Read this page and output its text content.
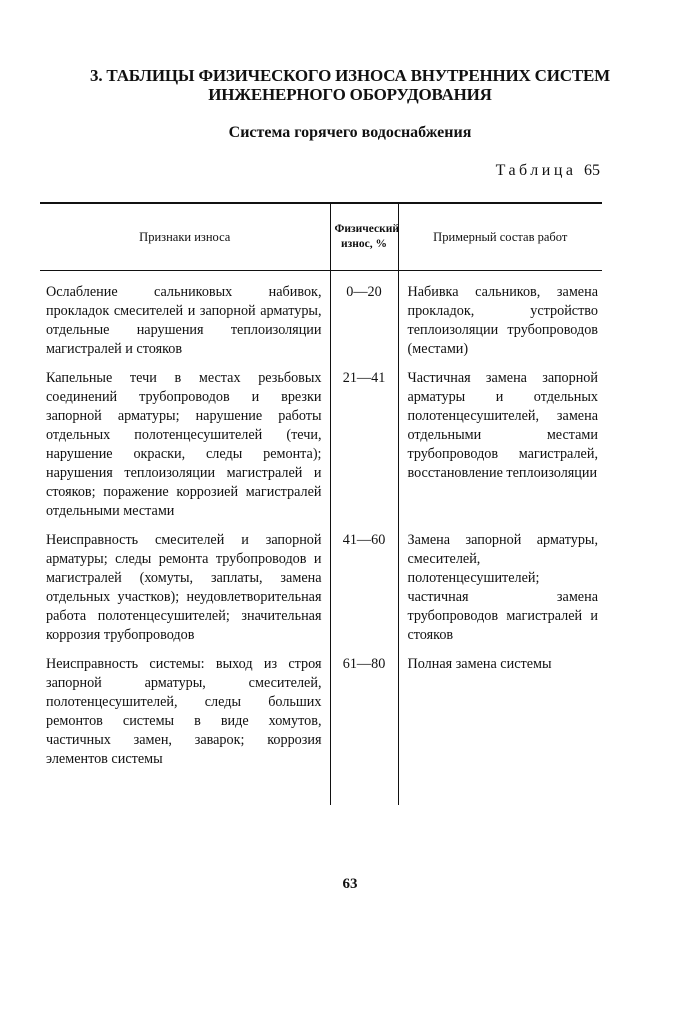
3. ТАБЛИЦЫ ФИЗИЧЕСКОГО ИЗНОСА ВНУТРЕННИХ СИСТЕМ ИНЖЕНЕРНОГО ОБОРУДОВАНИЯ
Система горячего водоснабжения
Таблица 65
Признаки износа	Физический износ, %	Примерный состав работ
Ослабление сальниковых набивок, прокладок смесителей и запорной арматуры, отдельные нарушения теплоизоляции магистралей и стояков	0—20	Набивка сальников, замена прокладок, устройство теплоизоляции трубопроводов (местами)
Капельные течи в местах резьбовых соединений трубопроводов и врезки запорной арматуры; нарушение работы отдельных полотенцесушителей (течи, нарушение окраски, следы ремонта); нарушения теплоизоляции магистралей и стояков; поражение коррозией магистралей отдельными местами	21—41	Частичная замена запорной арматуры и отдельных полотенцесушителей, замена отдельными местами трубопроводов магистралей, восстановление теплоизоляции
Неисправность смесителей и запорной арматуры; следы ремонта трубопроводов и магистралей (хомуты, заплаты, замена отдельных участков); неудовлетворительная работа полотенцесушителей; значительная коррозия трубопроводов	41—60	Замена запорной арматуры, смесителей, полотенцесушителей; частичная замена трубопроводов магистралей и стояков
Неисправность системы: выход из строя запорной арматуры, смесителей, полотенцесушителей, следы больших ремонтов системы в виде хомутов, частичных замен, заварок; коррозия элементов системы	61—80	Полная замена системы
63
